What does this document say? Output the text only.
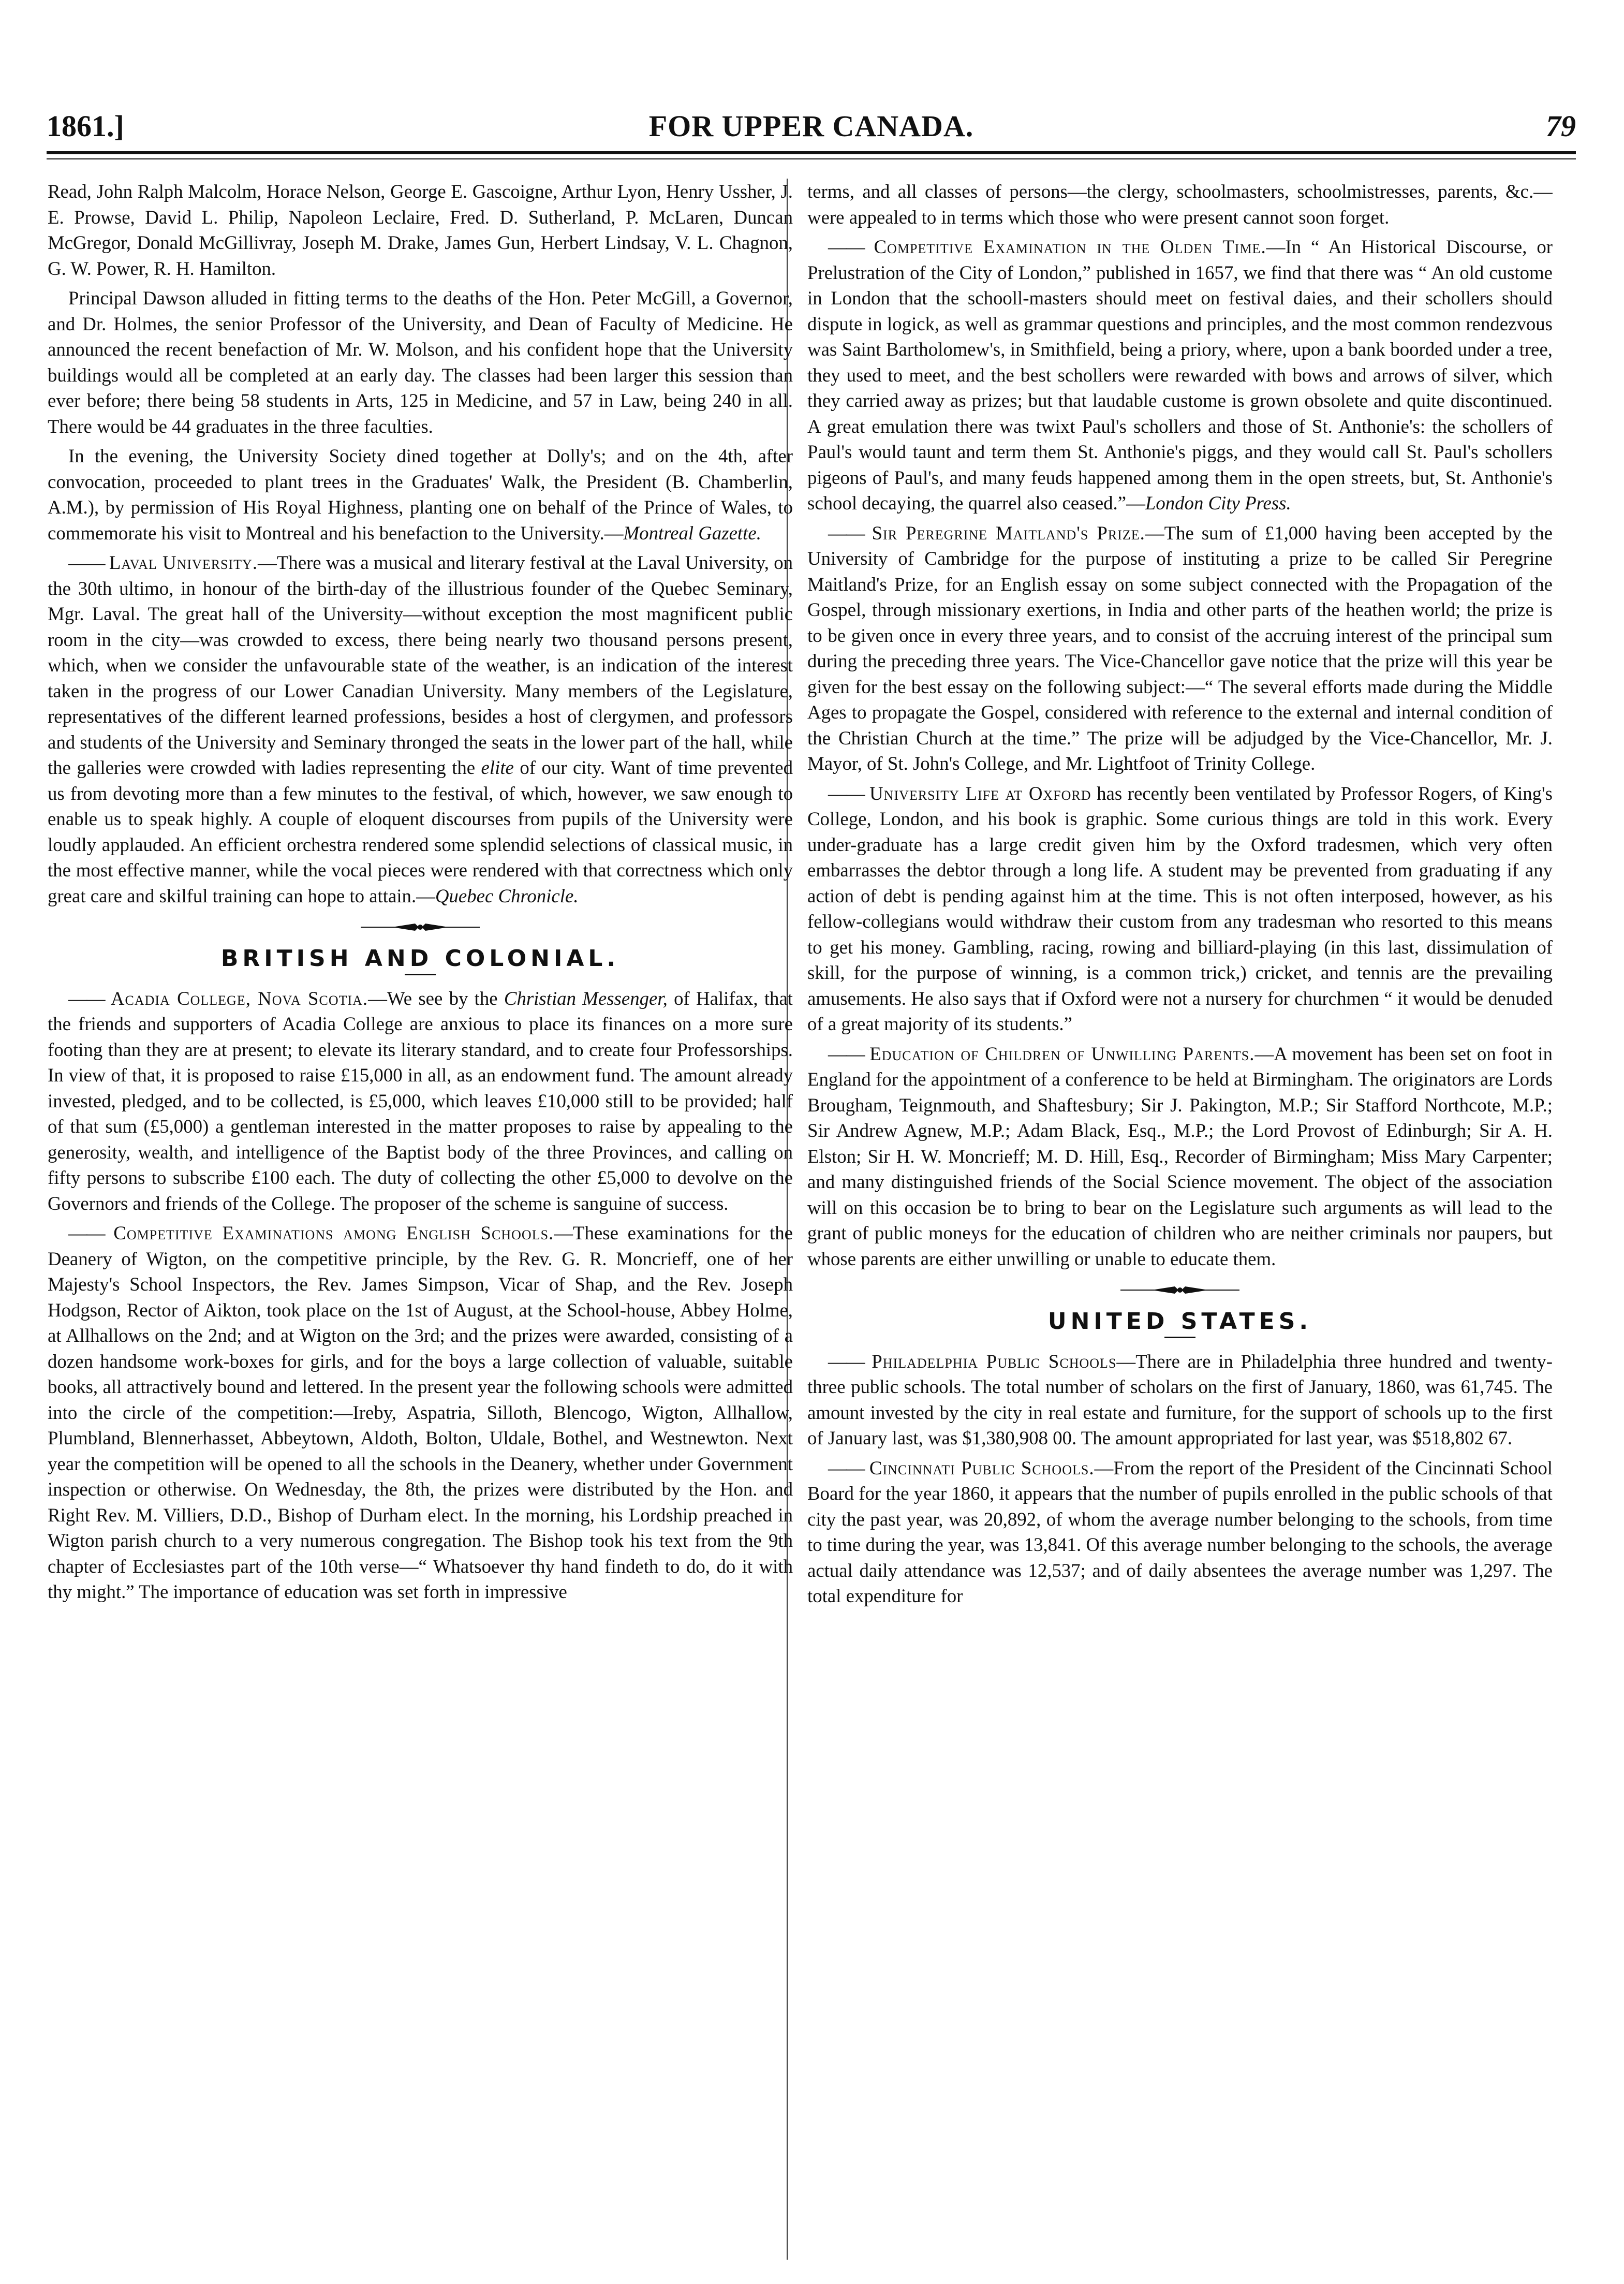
1861.]	FOR UPPER CANADA.	79

Read, John Ralph Malcolm, Horace Nelson, George E. Gascoigne, Arthur Lyon, Henry Ussher, J. E. Prowse, David L. Philip, Napoleon Leclaire, Fred. D. Sutherland, P. McLaren, Duncan McGregor, Donald McGillivray, Joseph M. Drake, James Gun, Herbert Lindsay, V. L. Chagnon, G. W. Power, R. H. Hamilton.

Principal Dawson alluded in fitting terms to the deaths of the Hon. Peter McGill, a Governor, and Dr. Holmes, the senior Professor of the University, and Dean of Faculty of Medicine. He announced the recent benefaction of Mr. W. Molson, and his confident hope that the University buildings would all be completed at an early day. The classes had been larger this session than ever before; there being 58 students in Arts, 125 in Medicine, and 57 in Law, being 240 in all. There would be 44 graduates in the three faculties.

In the evening, the University Society dined together at Dolly's; and on the 4th, after convocation, proceeded to plant trees in the Graduates' Walk, the President (B. Chamberlin, A.M.), by permission of His Royal Highness, planting one on behalf of the Prince of Wales, to commemorate his visit to Montreal and his benefaction to the University.—Montreal Gazette.

—— Laval University.—There was a musical and literary festival at the Laval University, on the 30th ultimo, in honour of the birth-day of the illustrious founder of the Quebec Seminary, Mgr. Laval. The great hall of the University—without exception the most magnificent public room in the city—was crowded to excess, there being nearly two thousand persons present, which, when we consider the unfavourable state of the weather, is an indication of the interest taken in the progress of our Lower Canadian University. Many members of the Legislature, representatives of the different learned professions, besides a host of clergymen, and professors and students of the University and Seminary thronged the seats in the lower part of the hall, while the galleries were crowded with ladies representing the elite of our city. Want of time prevented us from devoting more than a few minutes to the festival, of which, however, we saw enough to enable us to speak highly. A couple of eloquent discourses from pupils of the University were loudly applauded. An efficient orchestra rendered some splendid selections of classical music, in the most effective manner, while the vocal pieces were rendered with that correctness which only great care and skilful training can hope to attain.—Quebec Chronicle.

BRITISH AND COLONIAL.

—— Acadia College, Nova Scotia.—We see by the Christian Messenger, of Halifax, that the friends and supporters of Acadia College are anxious to place its finances on a more sure footing than they are at present; to elevate its literary standard, and to create four Professorships. In view of that, it is proposed to raise £15,000 in all, as an endowment fund. The amount already invested, pledged, and to be collected, is £5,000, which leaves £10,000 still to be provided; half of that sum (£5,000) a gentleman interested in the matter proposes to raise by appealing to the generosity, wealth, and intelligence of the Baptist body of the three Provinces, and calling on fifty persons to subscribe £100 each. The duty of collecting the other £5,000 to devolve on the Governors and friends of the College. The proposer of the scheme is sanguine of success.

—— Competitive Examinations among English Schools.—These examinations for the Deanery of Wigton, on the competitive principle, by the Rev. G. R. Moncrieff, one of her Majesty's School Inspectors, the Rev. James Simpson, Vicar of Shap, and the Rev. Joseph Hodgson, Rector of Aikton, took place on the 1st of August, at the School-house, Abbey Holme, at Allhallows on the 2nd; and at Wigton on the 3rd; and the prizes were awarded, consisting of a dozen handsome work-boxes for girls, and for the boys a large collection of valuable, suitable books, all attractively bound and lettered. In the present year the following schools were admitted into the circle of the competition:—Ireby, Aspatria, Silloth, Blencogo, Wigton, Allhallow, Plumbland, Blennerhasset, Abbeytown, Aldoth, Bolton, Uldale, Bothel, and Westnewton. Next year the competition will be opened to all the schools in the Deanery, whether under Government inspection or otherwise. On Wednesday, the 8th, the prizes were distributed by the Hon. and Right Rev. M. Villiers, D.D., Bishop of Durham elect. In the morning, his Lordship preached in Wigton parish church to a very numerous congregation. The Bishop took his text from the 9th chapter of Ecclesiastes part of the 10th verse—“ Whatsoever thy hand findeth to do, do it with thy might.” The importance of education was set forth in impressive

terms, and all classes of persons—the clergy, schoolmasters, schoolmistresses, parents, &c.—were appealed to in terms which those who were present cannot soon forget.

—— Competitive Examination in the Olden Time.—In “ An Historical Discourse, or Prelustration of the City of London,” published in 1657, we find that there was “ An old custome in London that the schooll-masters should meet on festival daies, and their schollers should dispute in logick, as well as grammar questions and principles, and the most common rendezvous was Saint Bartholomew's, in Smithfield, being a priory, where, upon a bank boorded under a tree, they used to meet, and the best schollers were rewarded with bows and arrows of silver, which they carried away as prizes; but that laudable custome is grown obsolete and quite discontinued. A great emulation there was twixt Paul's schollers and those of St. Anthonie's: the schollers of Paul's would taunt and term them St. Anthonie's piggs, and they would call St. Paul's schollers pigeons of Paul's, and many feuds happened among them in the open streets, but, St. Anthonie's school decaying, the quarrel also ceased.”—London City Press.

—— Sir Peregrine Maitland's Prize.—The sum of £1,000 having been accepted by the University of Cambridge for the purpose of instituting a prize to be called Sir Peregrine Maitland's Prize, for an English essay on some subject connected with the Propagation of the Gospel, through missionary exertions, in India and other parts of the heathen world; the prize is to be given once in every three years, and to consist of the accruing interest of the principal sum during the preceding three years. The Vice-Chancellor gave notice that the prize will this year be given for the best essay on the following subject:—“ The several efforts made during the Middle Ages to propagate the Gospel, considered with reference to the external and internal condition of the Christian Church at the time.” The prize will be adjudged by the Vice-Chancellor, Mr. J. Mayor, of St. John's College, and Mr. Lightfoot of Trinity College.

—— University Life at Oxford has recently been ventilated by Professor Rogers, of King's College, London, and his book is graphic. Some curious things are told in this work. Every under-graduate has a large credit given him by the Oxford tradesmen, which very often embarrasses the debtor through a long life. A student may be prevented from graduating if any action of debt is pending against him at the time. This is not often interposed, however, as his fellow-collegians would withdraw their custom from any tradesman who resorted to this means to get his money. Gambling, racing, rowing and billiard-playing (in this last, dissimulation of skill, for the purpose of winning, is a common trick,) cricket, and tennis are the prevailing amusements. He also says that if Oxford were not a nursery for churchmen “ it would be denuded of a great majority of its students.”

—— Education of Children of Unwilling Parents.—A movement has been set on foot in England for the appointment of a conference to be held at Birmingham. The originators are Lords Brougham, Teignmouth, and Shaftesbury; Sir J. Pakington, M.P.; Sir Stafford Northcote, M.P.; Sir Andrew Agnew, M.P.; Adam Black, Esq., M.P.; the Lord Provost of Edinburgh; Sir A. H. Elston; Sir H. W. Moncrieff; M. D. Hill, Esq., Recorder of Birmingham; Miss Mary Carpenter; and many distinguished friends of the Social Science movement. The object of the association will on this occasion be to bring to bear on the Legislature such arguments as will lead to the grant of public moneys for the education of children who are neither criminals nor paupers, but whose parents are either unwilling or unable to educate them.

UNITED STATES.

—— Philadelphia Public Schools—There are in Philadelphia three hundred and twenty-three public schools. The total number of scholars on the first of January, 1860, was 61,745. The amount invested by the city in real estate and furniture, for the support of schools up to the first of January last, was $1,380,908 00. The amount appropriated for last year, was $518,802 67.

—— Cincinnati Public Schools.—From the report of the President of the Cincinnati School Board for the year 1860, it appears that the number of pupils enrolled in the public schools of that city the past year, was 20,892, of whom the average number belonging to the schools, from time to time during the year, was 13,841. Of this average number belonging to the schools, the average actual daily attendance was 12,537; and of daily absentees the average number was 1,297. The total expenditure for
